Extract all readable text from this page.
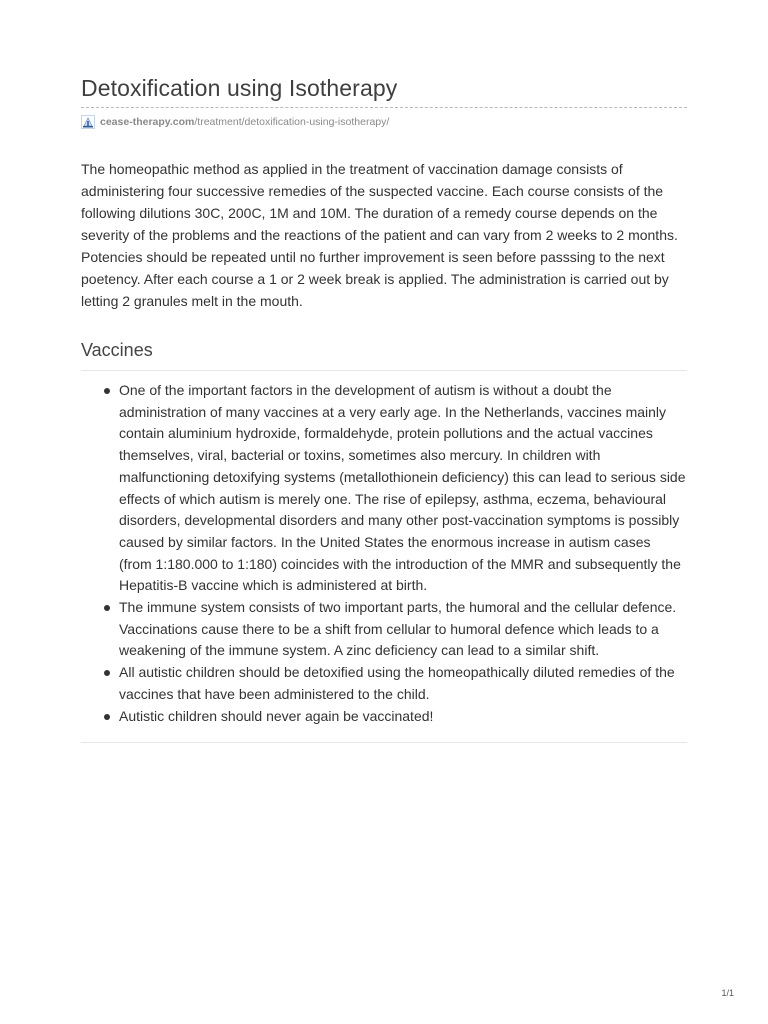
Detoxification using Isotherapy
cease-therapy.com /treatment/detoxification-using-isotherapy/

The homeopathic method as applied in the treatment of vaccination damage consists of administering four successive remedies of the suspected vaccine. Each course consists of the following dilutions 30C, 200C, 1M and 10M. The duration of a remedy course depends on the severity of the problems and the reactions of the patient and can vary from 2 weeks to 2 months. Potencies should be repeated until no further improvement is seen before passsing to the next poetency. After each course a 1 or 2 week break is applied. The administration is carried out by letting 2 granules melt in the mouth.

Vaccines
One of the important factors in the development of autism is without a doubt the administration of many vaccines at a very early age. In the Netherlands, vaccines mainly contain aluminium hydroxide, formaldehyde, protein pollutions and the actual vaccines themselves, viral, bacterial or toxins, sometimes also mercury. In children with malfunctioning detoxifying systems (metallothionein deficiency) this can lead to serious side effects of which autism is merely one. The rise of epilepsy, asthma, eczema, behavioural disorders, developmental disorders and many other post-vaccination symptoms is possibly caused by similar factors. In the United States the enormous increase in autism cases (from 1:180.000 to 1:180) coincides with the introduction of the MMR and subsequently the Hepatitis-B vaccine which is administered at birth.
The immune system consists of two important parts, the humoral and the cellular defence. Vaccinations cause there to be a shift from cellular to humoral defence which leads to a weakening of the immune system. A zinc deficiency can lead to a similar shift.
All autistic children should be detoxified using the homeopathically diluted remedies of the vaccines that have been administered to the child.
Autistic children should never again be vaccinated!
1/1
